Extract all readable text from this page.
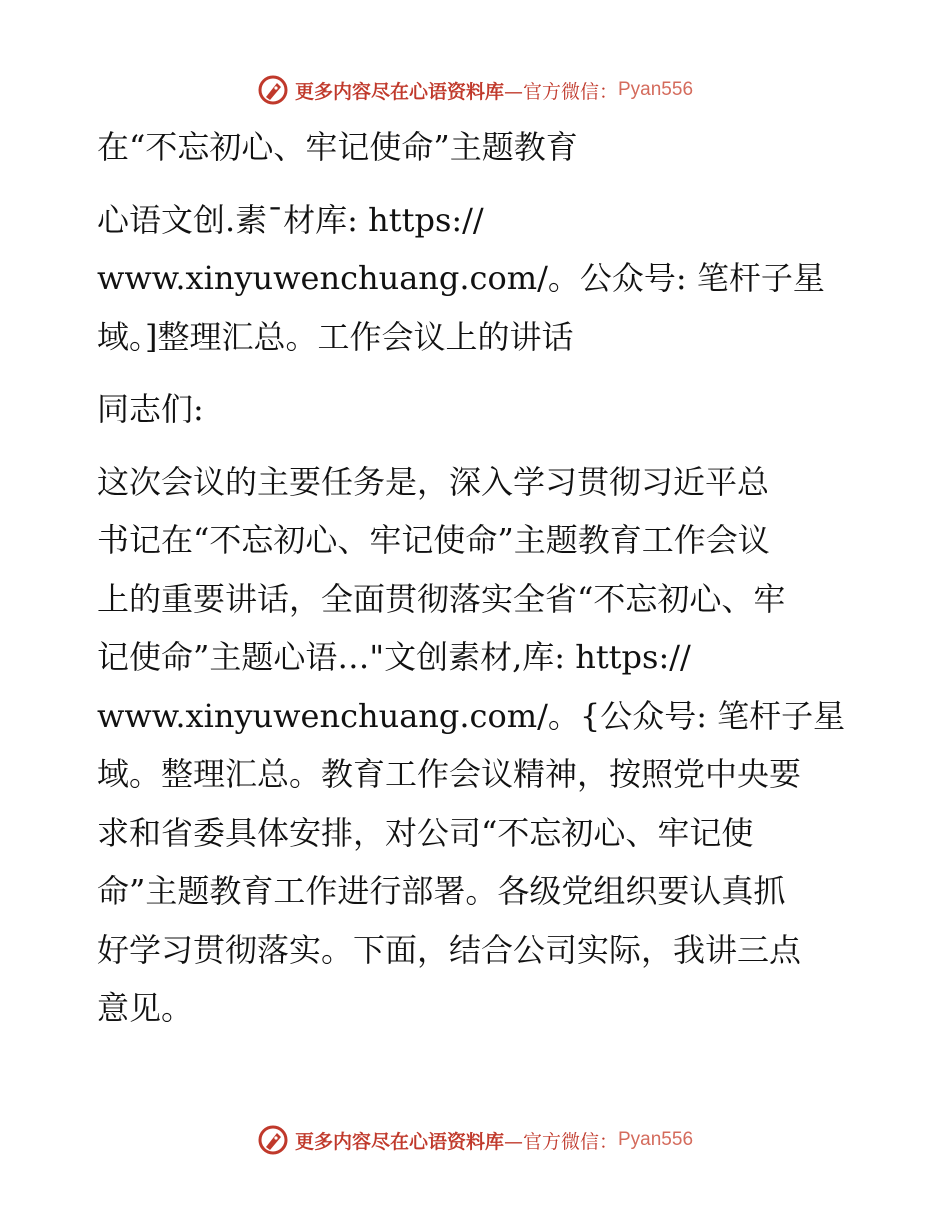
更多内容尽在心语资料库 —官方微信： Pyan556

在“不忘初心、牢记使命”主题教育

心语文创.素¯材库: https://

www.xinyuwenchuang.com/。公众号: 笔杆子星

域。]整理汇总。工作会议上的讲话

同志们:

这次会议的主要任务是，深入学习贯彻习近平总

书记在“不忘初心、牢记使命”主题教育工作会议

上的重要讲话，全面贯彻落实全省“不忘初心、牢

记使命”主题心语…"文创素材,库: https://

www.xinyuwenchuang.com/。{公众号: 笔杆子星

域。整理汇总。教育工作会议精神，按照党中央要

求和省委具体安排，对公司“不忘初心、牢记使

命”主题教育工作进行部署。各级党组织要认真抓

好学习贯彻落实。下面，结合公司实际，我讲三点

意见。

更多内容尽在心语资料库 —官方微信： Pyan556
